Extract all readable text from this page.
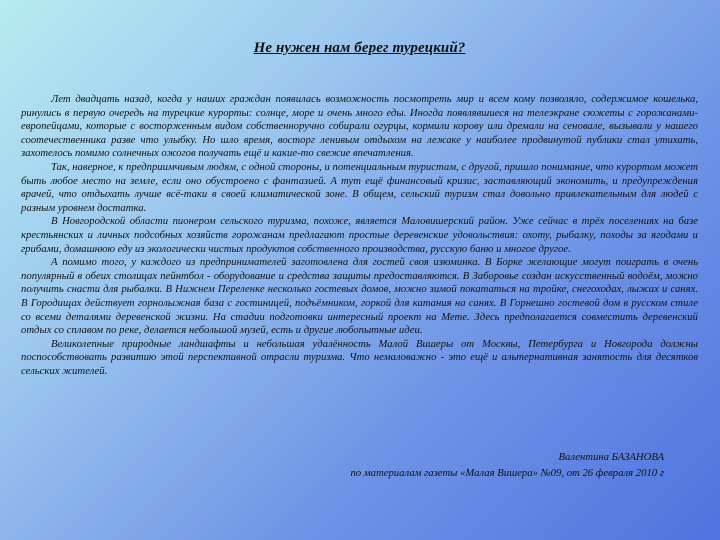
Не нужен нам берег турецкий?

Лет двадцать назад, когда у наших граждан появилась возможность посмотреть мир и всем кому позволяло, содержимое кошелька, ринулись в первую очередь на турецкие курорты: солнце, море и очень много еды. Иногда появлявшиеся на телеэкране сюжеты с горожанами-европейцами, которые с восторженным видом собственноручно собирали огурцы, кормили корову или дремали на сеновале, вызывали у нашего соотечественника разве что улыбку. Но шло время, восторг ленивым отдыхом на лежаке у наиболее продвинутой публики стал утихать, захотелось помимо солнечных ожогов получать ещё и какие-то свежие впечатления.

Так, наверное, к предприимчивым людям, с одной стороны, и потенциальным туристам, с другой, пришло понимание, что курортом может быть любое место на земле, если оно обустроено с фантазией. А тут ещё финансовый кризис, заставляющий экономить, и предупреждения врачей, что отдыхать лучше всё-таки в своей климатической зоне. В общем, сельский туризм стал довольно привлекательным для людей с разным уровнем достатка.

В Новгородской области пионером сельского туризма, похоже, является Маловишерский район. Уже сейчас в трёх поселениях на базе крестьянских и личных подсобных хозяйств горожанам предлагают простые деревенские удовольствия: охоту, рыбалку, походы за ягодами и грибами, домашнюю еду из экологически чистых продуктов собственного производства, русскую баню и многое другое.

А помимо того, у каждого из предпринимателей заготовлена для гостей своя изюминка. В Борке желающие могут поиграть в очень популярный в обеих столицах пейнтбол - оборудование и средства защиты предоставляются. В Заборовье создан искусственный водоём, можно получить снасти для рыбалки. В Нижнем Переленке несколько гостевых домов, можно зимой покататься на тройке, снегоходах, лыжах и санях. В Городищах действует горнолыжная база с гостиницей, подъёмником, горкой для катания на санях. В Горнешно гостевой дом в русском стиле со всеми деталями деревенской жизни. На стадии подготовки интересный проект на Мете. Здесь предполагается совместить деревенский отдых со сплавом по реке, делается небольшой музей, есть и другие любопытные идеи.

Великолепные природные ландшафты и небольшая удалённость Малой Вишеры от Москвы, Петербурга и Новгорода должны поспособствовать развитию этой перспективной отрасли туризма. Что немаловажно - это ещё и альтернативная занятость для десятков сельских жителей.

Валентина БАЗАНОВА
по материалам газеты «Малая Вишера» №09, от 26 февраля 2010 г
